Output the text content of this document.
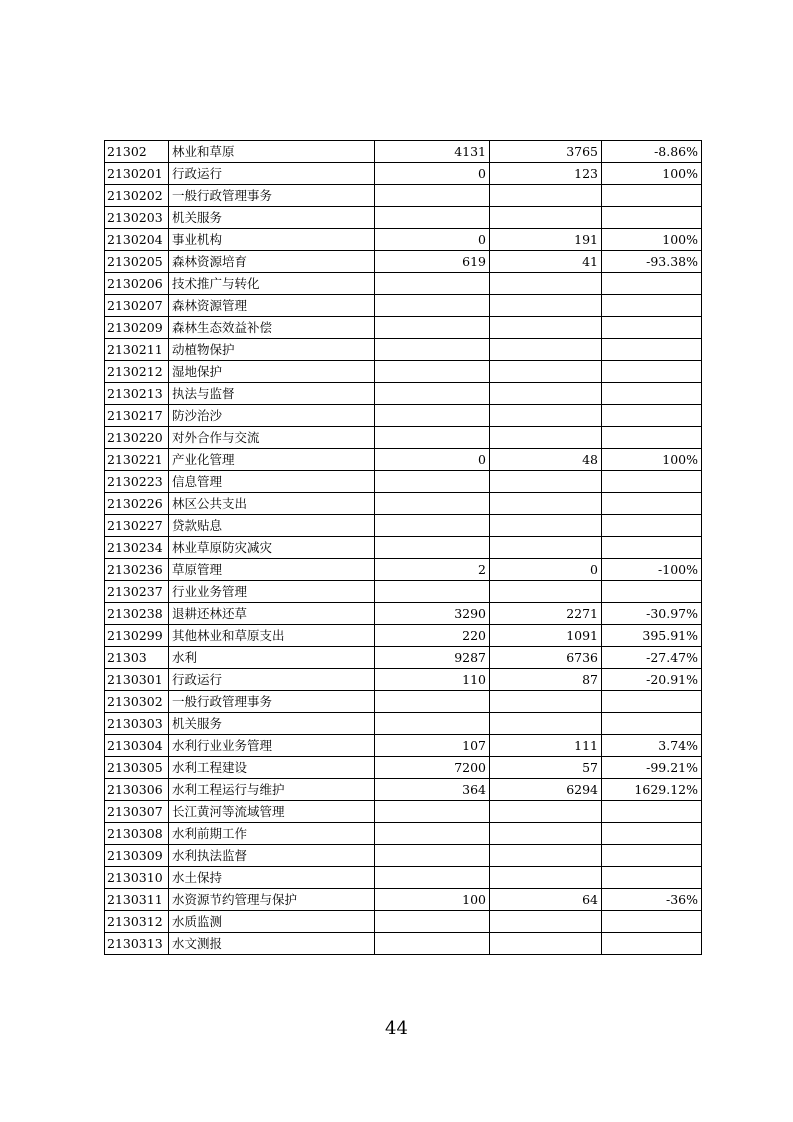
21302	林业和草原	4131	3765	-8.86%
2130201	行政运行	0	123	100%
2130202	一般行政管理事务			
2130203	机关服务			
2130204	事业机构	0	191	100%
2130205	森林资源培育	619	41	-93.38%
2130206	技术推广与转化			
2130207	森林资源管理			
2130209	森林生态效益补偿			
2130211	动植物保护			
2130212	湿地保护			
2130213	执法与监督			
2130217	防沙治沙			
2130220	对外合作与交流			
2130221	产业化管理	0	48	100%
2130223	信息管理			
2130226	林区公共支出			
2130227	贷款贴息			
2130234	林业草原防灾减灾			
2130236	草原管理	2	0	-100%
2130237	行业业务管理			
2130238	退耕还林还草	3290	2271	-30.97%
2130299	其他林业和草原支出	220	1091	395.91%
21303	水利	9287	6736	-27.47%
2130301	行政运行	110	87	-20.91%
2130302	一般行政管理事务			
2130303	机关服务			
2130304	水利行业业务管理	107	111	3.74%
2130305	水利工程建设	7200	57	-99.21%
2130306	水利工程运行与维护	364	6294	1629.12%
2130307	长江黄河等流域管理			
2130308	水利前期工作			
2130309	水利执法监督			
2130310	水土保持			
2130311	水资源节约管理与保护	100	64	-36%
2130312	水质监测			
2130313	水文测报			
44
